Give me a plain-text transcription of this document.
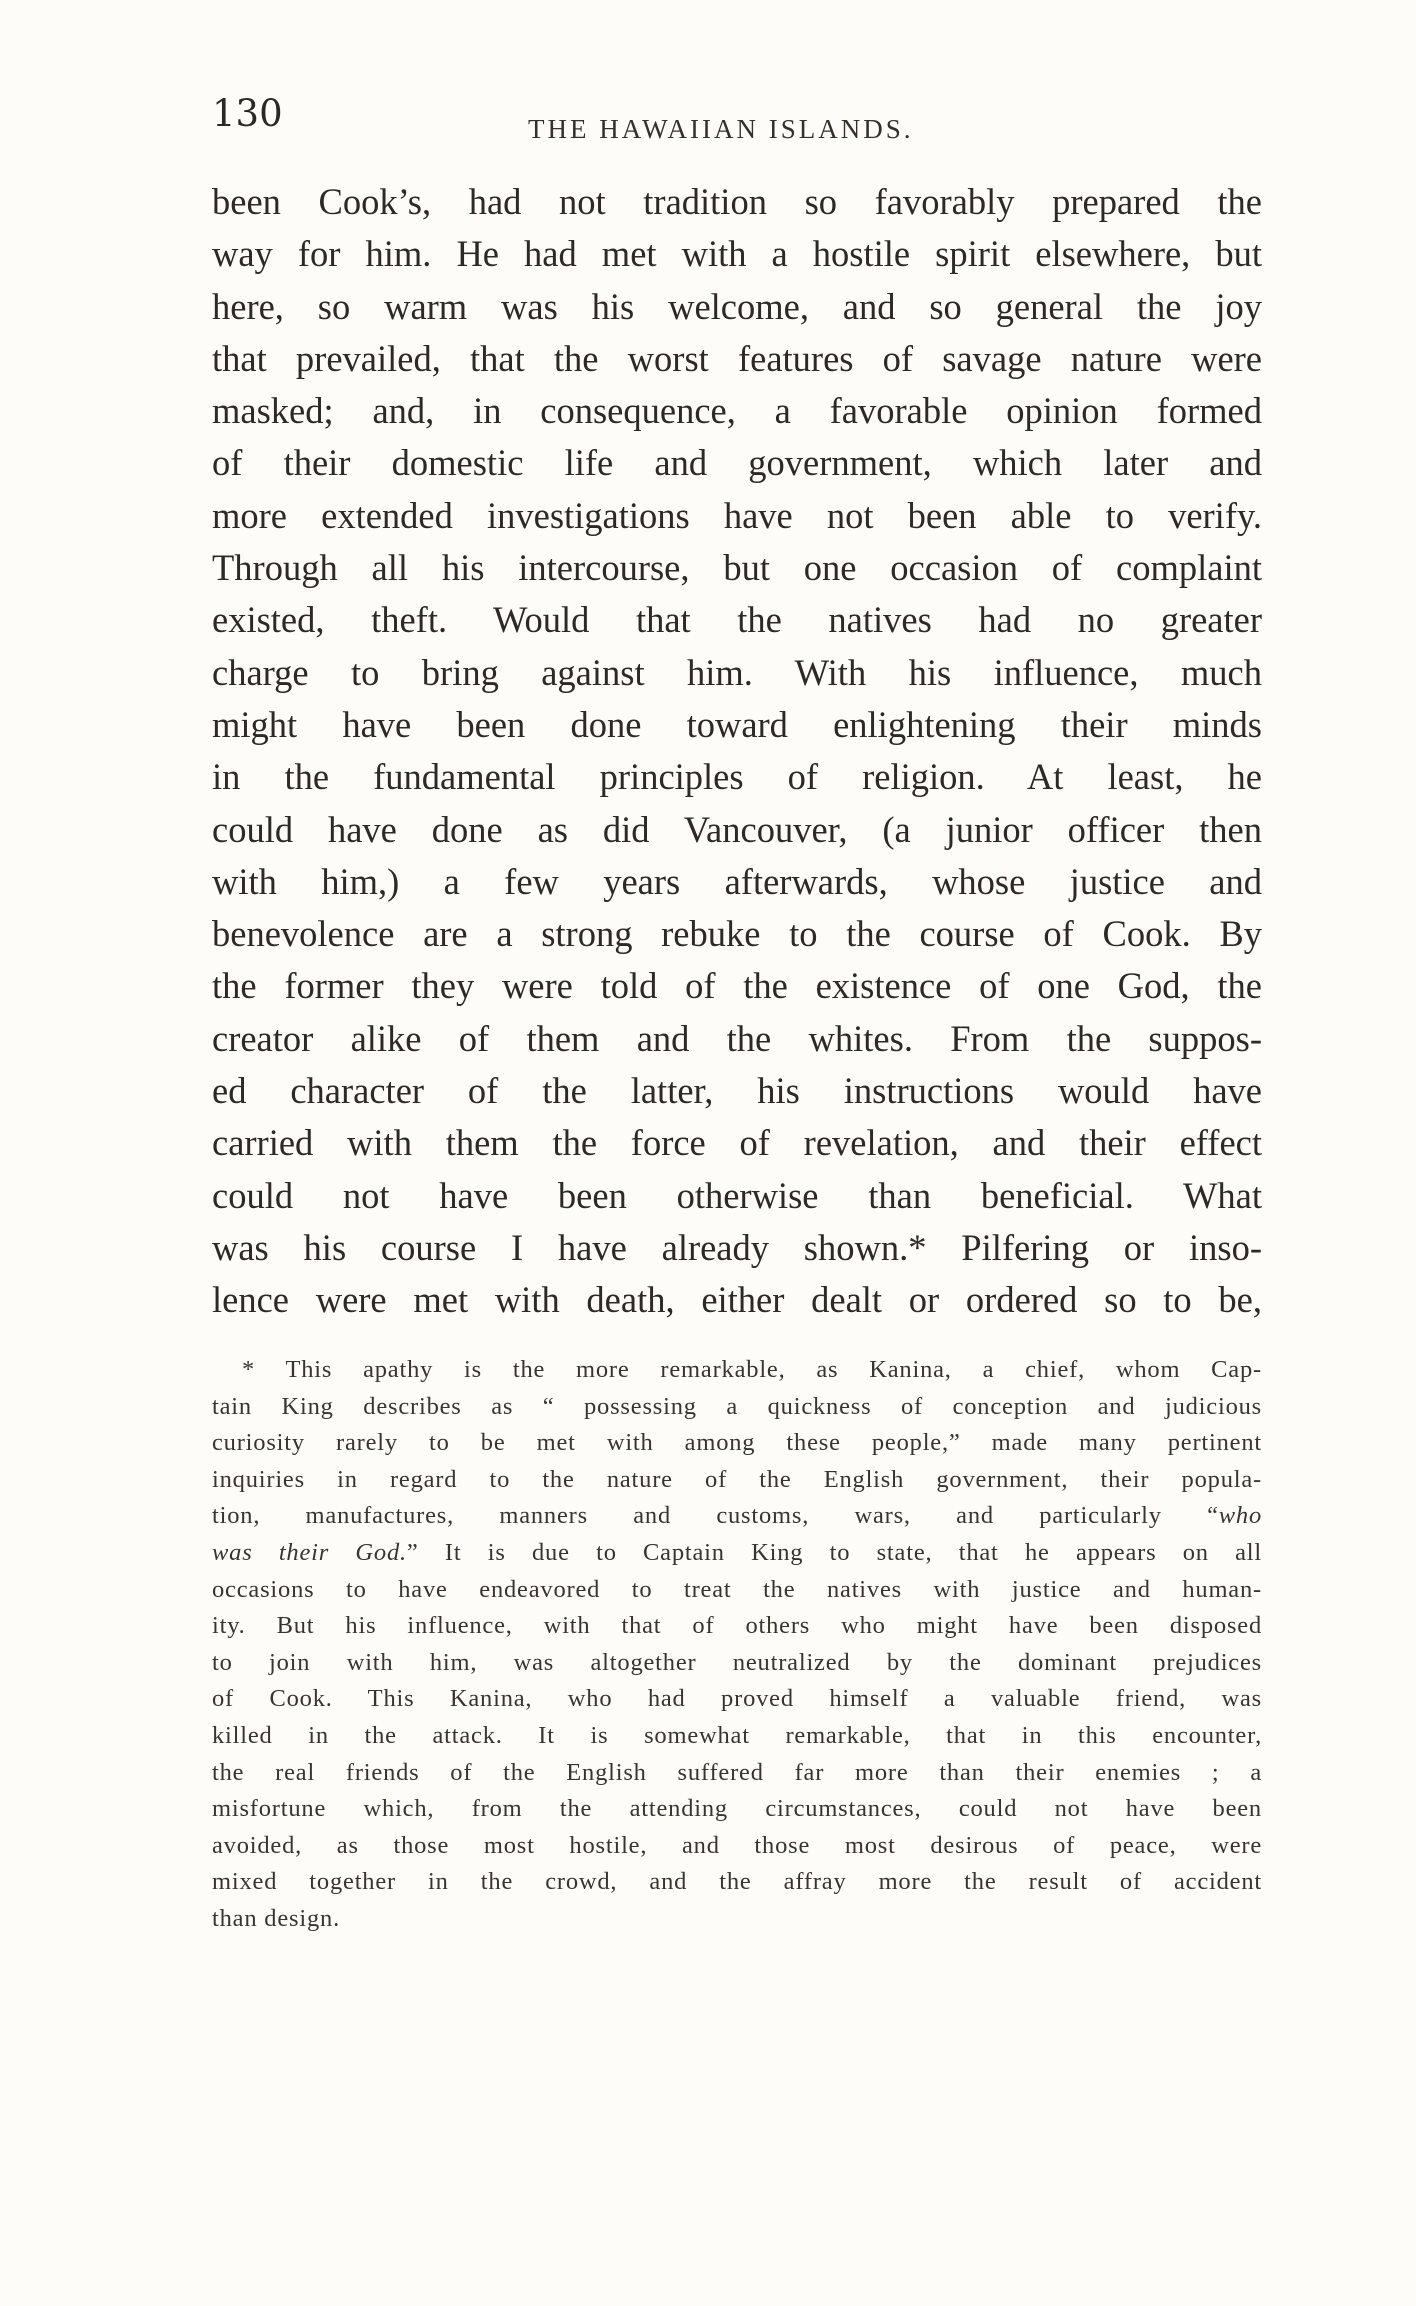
130	THE HAWAIIAN ISLANDS.
been Cook’s, had not tradition so favorably prepared the
way for him. He had met with a hostile spirit elsewhere, but
here, so warm was his welcome, and so general the joy
that prevailed, that the worst features of savage nature were
masked; and, in consequence, a favorable opinion formed
of their domestic life and government, which later and
more extended investigations have not been able to verify.
Through all his intercourse, but one occasion of complaint
existed, theft. Would that the natives had no greater
charge to bring against him. With his influence, much
might have been done toward enlightening their minds
in the fundamental principles of religion. At least, he
could have done as did Vancouver, (a junior officer then
with him,) a few years afterwards, whose justice and
benevolence are a strong rebuke to the course of Cook. By
the former they were told of the existence of one God, the
creator alike of them and the whites. From the suppos-
ed character of the latter, his instructions would have
carried with them the force of revelation, and their effect
could not have been otherwise than beneficial. What
was his course I have already shown.* Pilfering or inso-
lence were met with death, either dealt or ordered so to be,
* This apathy is the more remarkable, as Kanina, a chief, whom Cap-
tain King describes as “ possessing a quickness of conception and judicious
curiosity rarely to be met with among these people,” made many pertinent
inquiries in regard to the nature of the English government, their popula-
tion, manufactures, manners and customs, wars, and particularly “who
was their God.” It is due to Captain King to state, that he appears on all
occasions to have endeavored to treat the natives with justice and human-
ity. But his influence, with that of others who might have been disposed
to join with him, was altogether neutralized by the dominant prejudices
of Cook. This Kanina, who had proved himself a valuable friend, was
killed in the attack. It is somewhat remarkable, that in this encounter,
the real friends of the English suffered far more than their enemies ; a
misfortune which, from the attending circumstances, could not have been
avoided, as those most hostile, and those most desirous of peace, were
mixed together in the crowd, and the affray more the result of accident
than design.
